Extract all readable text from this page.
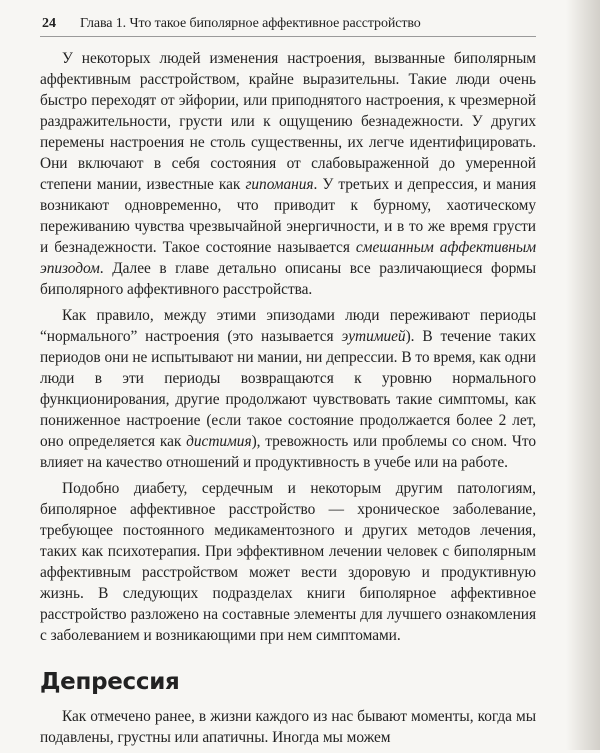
24	Глава 1. Что такое биполярное аффективное расстройство

У некоторых людей изменения настроения, вызванные биполярным аффективным расстройством, крайне выразительны. Такие люди очень быстро переходят от эйфории, или приподнятого настроения, к чрезмерной раздражительности, грусти или к ощущению безнадежности. У других перемены настроения не столь существенны, их легче идентифицировать. Они включают в себя состояния от слабовыраженной до умеренной степени мании, известные как гипомания. У третьих и депрессия, и мания возникают одновременно, что приводит к бурному, хаотическому переживанию чувства чрезвычайной энергичности, и в то же время грусти и безнадежности. Такое состояние называется смешанным аффективным эпизодом. Далее в главе детально описаны все различающиеся формы биполярного аффективного расстройства.

Как правило, между этими эпизодами люди переживают периоды “нормального” настроения (это называется эутимией). В течение таких периодов они не испытывают ни мании, ни депрессии. В то время, как одни люди в эти периоды возвращаются к уровню нормального функционирования, другие продолжают чувствовать такие симптомы, как пониженное настроение (если такое состояние продолжается более 2 лет, оно определяется как дистимия), тревожность или проблемы со сном. Что влияет на качество отношений и продуктивность в учебе или на работе.

Подобно диабету, сердечным и некоторым другим патологиям, биполярное аффективное расстройство — хроническое заболевание, требующее постоянного медикаментозного и других методов лечения, таких как психотерапия. При эффективном лечении человек с биполярным аффективным расстройством может вести здоровую и продуктивную жизнь. В следующих подразделах книги биполярное аффективное расстройство разложено на составные элементы для лучшего ознакомления с заболеванием и возникающими при нем симптомами.

Депрессия

Как отмечено ранее, в жизни каждого из нас бывают моменты, когда мы подавлены, грустны или апатичны. Иногда мы можем
